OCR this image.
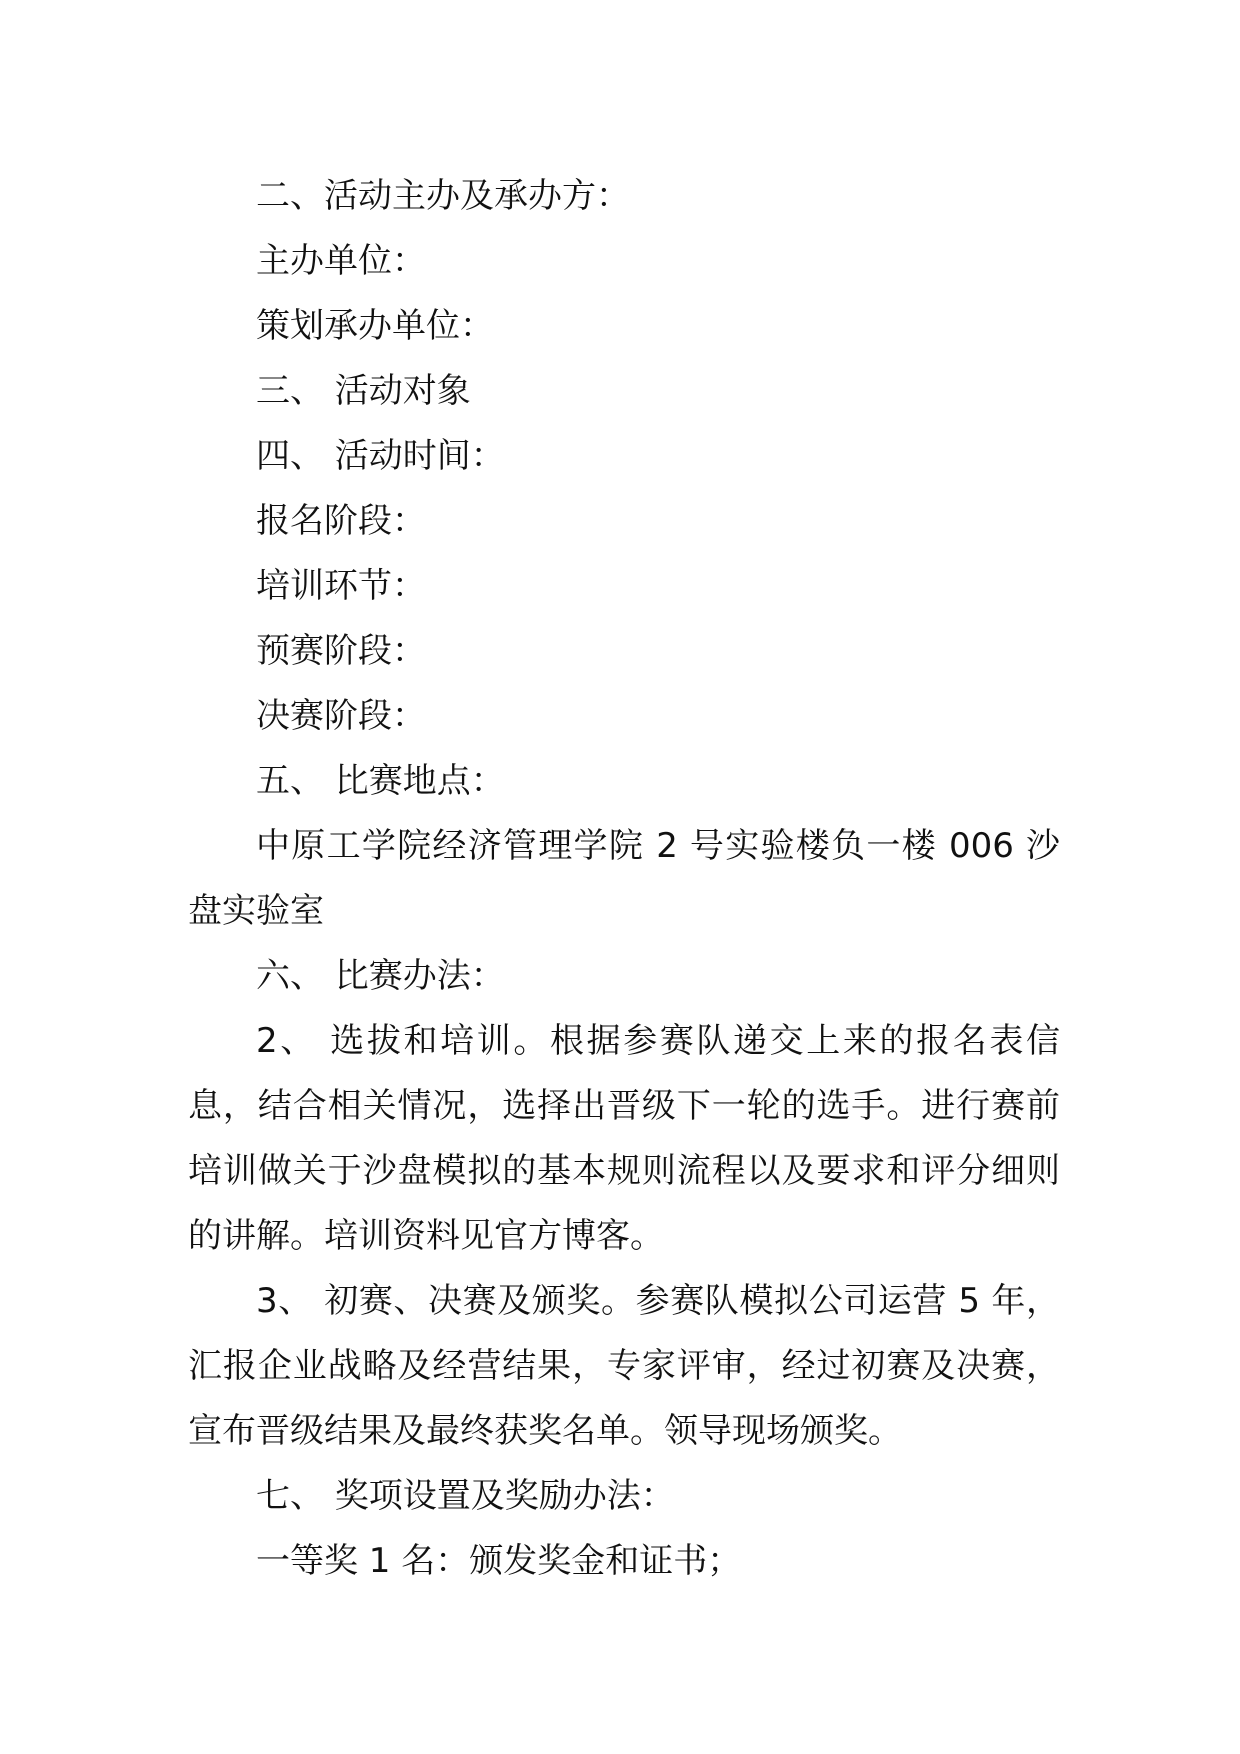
二、活动主办及承办方：

主办单位：

策划承办单位：

三、 活动对象

四、 活动时间：

报名阶段：

培训环节：

预赛阶段：

决赛阶段：

五、 比赛地点：

中原工学院经济管理学院 2 号实验楼负一楼 006 沙盘实验室

六、 比赛办法：

2、 选拔和培训。根据参赛队递交上来的报名表信息，结合相关情况，选择出晋级下一轮的选手。进行赛前培训做关于沙盘模拟的基本规则流程以及要求和评分细则的讲解。培训资料见官方博客。

3、 初赛、决赛及颁奖。参赛队模拟公司运营 5 年，汇报企业战略及经营结果，专家评审，经过初赛及决赛，宣布晋级结果及最终获奖名单。领导现场颁奖。

七、 奖项设置及奖励办法：

一等奖 1 名：颁发奖金和证书；
